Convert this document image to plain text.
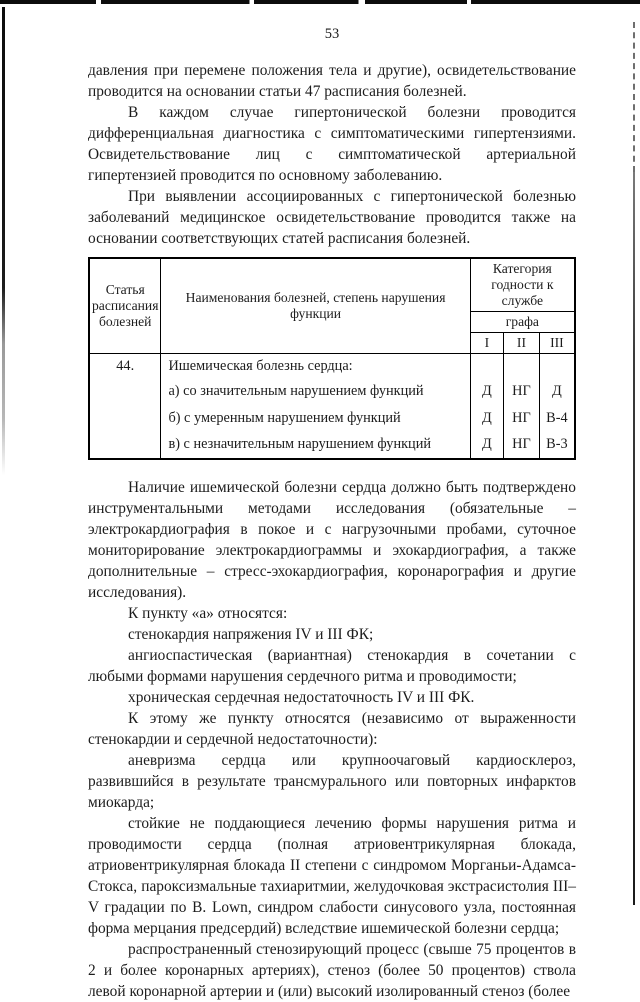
53

давления при перемене положения тела и другие), освидетельствование проводится на основании статьи 47 расписания болезней.

В каждом случае гипертонической болезни проводится дифференциальная диагностика с симптоматическими гипертензиями. Освидетельствование лиц с симптоматической артериальной гипертензией проводится по основному заболеванию.

При выявлении ассоциированных с гипертонической болезнью заболеваний медицинское освидетельствование проводится также на основании соответствующих статей расписания болезней.

Статья расписания болезней	Наименования болезней, степень нарушения функции	Категория годности к службе		
		графа		
		I	II	III
44.	Ишемическая болезнь сердца:			
	а) со значительным нарушением функций	Д	НГ	Д
	б) с умеренным нарушением функций	Д	НГ	В-4
	в) с незначительным нарушением функций	Д	НГ	В-3

Наличие ишемической болезни сердца должно быть подтверждено инструментальными методами исследования (обязательные – электрокардиография в покое и с нагрузочными пробами, суточное мониторирование электрокардиограммы и эхокардиография, а также дополнительные – стресс-эхокардиография, коронарография и другие исследования).

К пункту «а» относятся:

стенокардия напряжения IV и III ФК;

ангиоспастическая (вариантная) стенокардия в сочетании с любыми формами нарушения сердечного ритма и проводимости;

хроническая сердечная недостаточность IV и III ФК.

К этому же пункту относятся (независимо от выраженности стенокардии и сердечной недостаточности):

аневризма сердца или крупноочаговый кардиосклероз, развившийся в результате трансмурального или повторных инфарктов миокарда;

стойкие не поддающиеся лечению формы нарушения ритма и проводимости сердца (полная атриовентрикулярная блокада, атриовентрикулярная блокада II степени с синдромом Морганьи-Адамса-Стокса, пароксизмальные тахиаритмии, желудочковая экстрасистолия III–V градации по B. Lown, синдром слабости синусового узла, постоянная форма мерцания предсердий) вследствие ишемической болезни сердца;

распространенный стенозирующий процесс (свыше 75 процентов в 2 и более коронарных артериях), стеноз (более 50 процентов) ствола левой коронарной артерии и (или) высокий изолированный стеноз (более
